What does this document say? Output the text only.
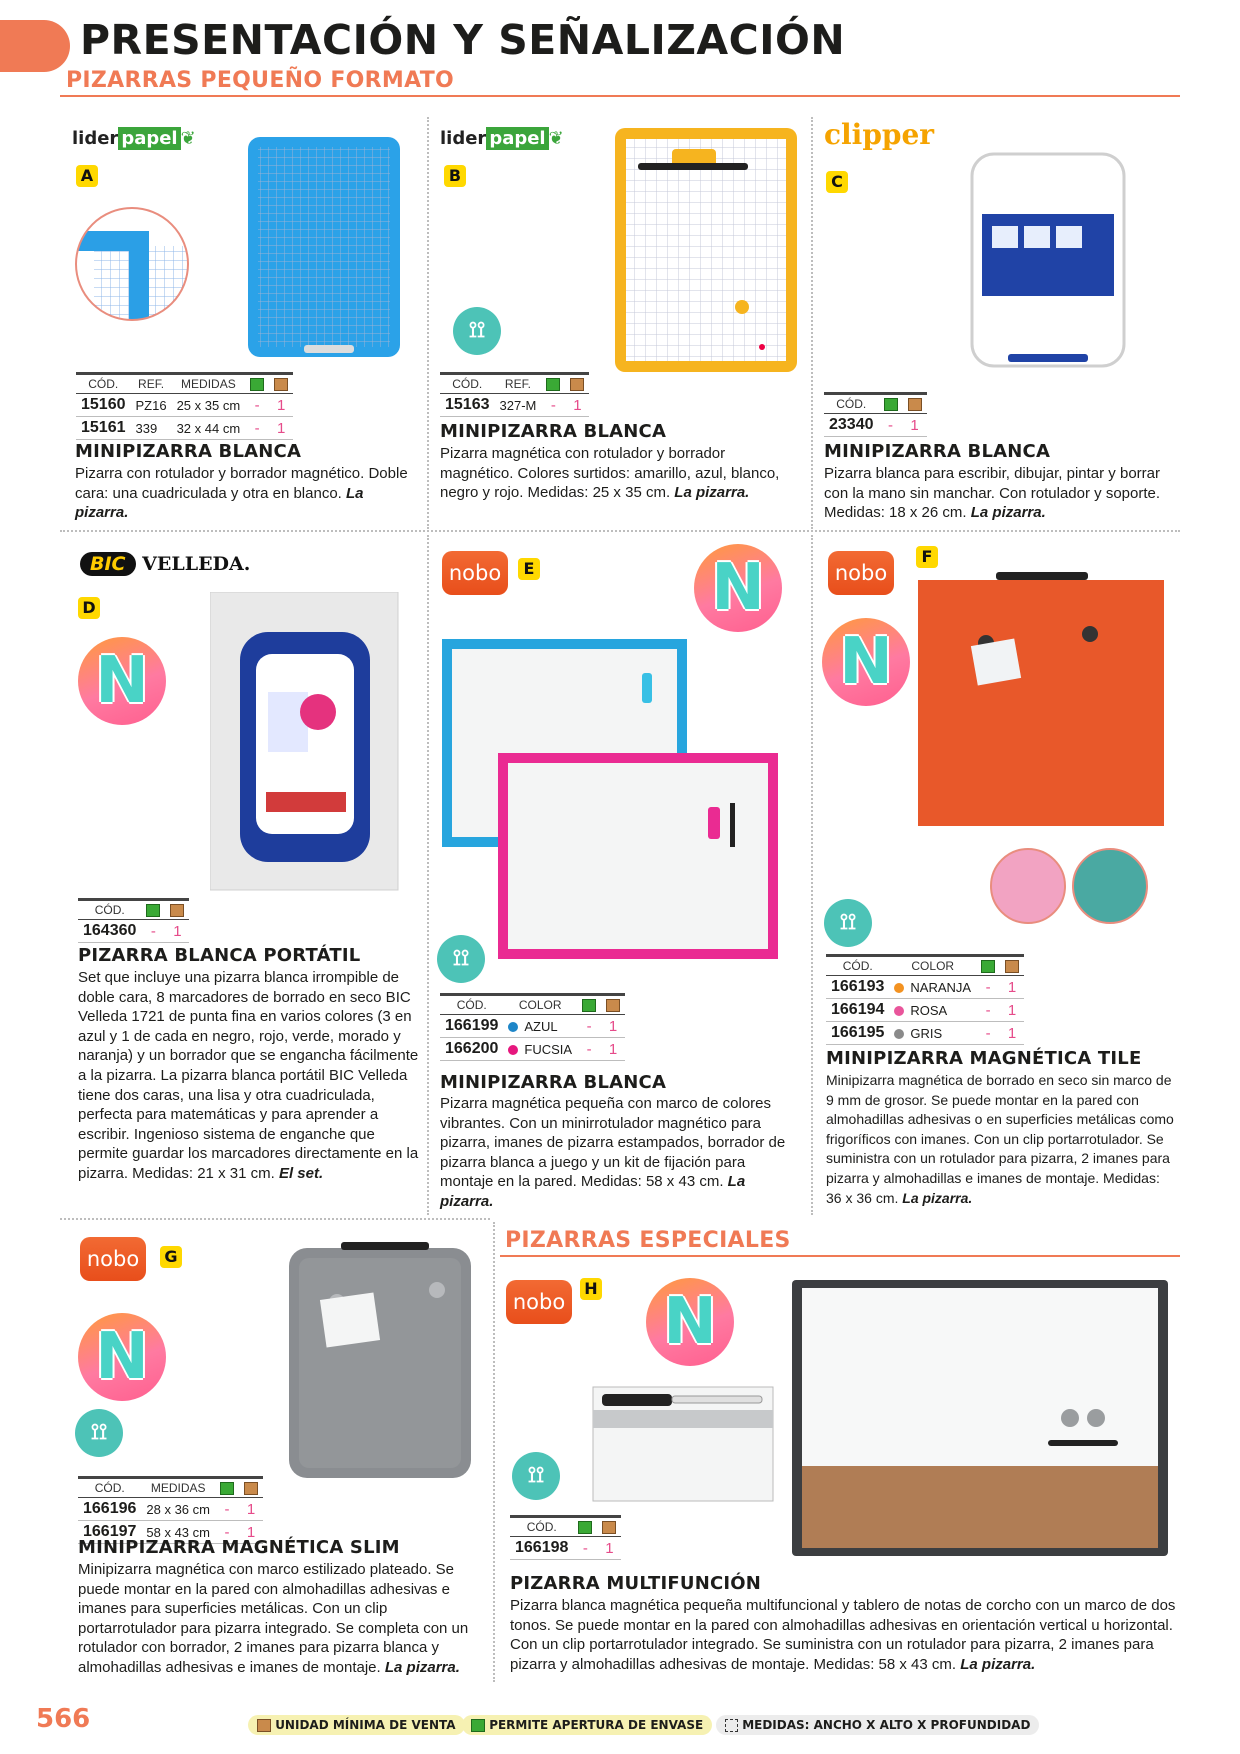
PRESENTACIÓN Y SEÑALIZACIÓN
PIZARRAS PEQUEÑO FORMATO
lider papel ❦
A
CÓD.	REF.	MEDIDAS		
15160	PZ16	25 x 35 cm	-	1
15161	339	32 x 44 cm	-	1
MINIPIZARRA BLANCA
Pizarra con rotulador y borrador magnético. Doble cara: una cuadriculada y otra en blanco. La pizarra.
lider papel ❦
B
⟟⟟
CÓD.	REF.		
15163	327-M	-	1
MINIPIZARRA BLANCA
Pizarra magnética con rotulador y borrador magnético. Colores surtidos: amarillo, azul, blanco, negro y rojo. Medidas: 25 x 35 cm. La pizarra.
clipper
C
CÓD.		
23340	-	1
MINIPIZARRA BLANCA
Pizarra blanca para escribir, dibujar, pintar y borrar con la mano sin manchar. Con rotulador y soporte. Medidas: 18 x 26 cm. La pizarra.
BIC VELLEDA.
D
N
CÓD.		
164360	-	1
PIZARRA BLANCA PORTÁTIL
Set que incluye una pizarra blanca irrompible de doble cara, 8 marcadores de borrado en seco BIC Velleda 1721 de punta fina en varios colores (3 en azul y 1 de cada en negro, rojo, verde, morado y naranja) y un borrador que se engancha fácilmente a la pizarra. La pizarra blanca portátil BIC Velleda tiene dos caras, una lisa y otra cuadriculada, perfecta para matemáticas y para aprender a escribir. Ingenioso sistema de enganche que permite guardar los marcadores directamente en la pizarra. Medidas: 21 x 31 cm. El set.
nobo	E	N
⟟⟟
CÓD.	COLOR		
166199	AZUL	-	1
166200	FUCSIA	-	1
MINIPIZARRA BLANCA
Pizarra magnética pequeña con marco de colores vibrantes. Con un minirrotulador magnético para pizarra, imanes de pizarra estampados, borrador de pizarra blanca a juego y un kit de fijación para montaje en la pared. Medidas: 58 x 43 cm. La pizarra.
nobo
F
N
⟟⟟
CÓD.	COLOR		
166193	NARANJA	-	1
166194	ROSA	-	1
166195	GRIS	-	1
MINIPIZARRA MAGNÉTICA TILE
Minipizarra magnética de borrado en seco sin marco de 9 mm de grosor. Se puede montar en la pared con almohadillas adhesivas o en superficies metálicas como frigoríficos con imanes. Con un clip portarrotulador. Se suministra con un rotulador para pizarra, 2 imanes para pizarra y almohadillas e imanes de montaje. Medidas: 36 x 36 cm. La pizarra.
nobo	G
N
⟟⟟
CÓD.	MEDIDAS		
166196	28 x 36 cm	-	1
166197	58 x 43 cm	-	1
MINIPIZARRA MAGNÉTICA SLIM
Minipizarra magnética con marco estilizado plateado. Se puede montar en la pared con almohadillas adhesivas e imanes para superficies metálicas. Con un clip portarrotulador para pizarra integrado. Se completa con un rotulador con borrador, 2 imanes para pizarra blanca y almohadillas adhesivas e imanes de montaje. La pizarra.
PIZARRAS ESPECIALES
nobo
H N
⟟⟟
CÓD.		
166198	-	1
PIZARRA MULTIFUNCIÓN
Pizarra blanca magnética pequeña multifuncional y tablero de notas de corcho con un marco de dos tonos. Se puede montar en la pared con almohadillas adhesivas en orientación vertical u horizontal. Con un clip portarrotulador integrado. Se suministra con un rotulador para pizarra, 2 imanes para pizarra y almohadillas adhesivas de montaje. Medidas: 58 x 43 cm. La pizarra.
566	UNIDAD MÍNIMA DE VENTA	PERMITE APERTURA DE ENVASE	MEDIDAS: ANCHO X ALTO X PROFUNDIDAD
